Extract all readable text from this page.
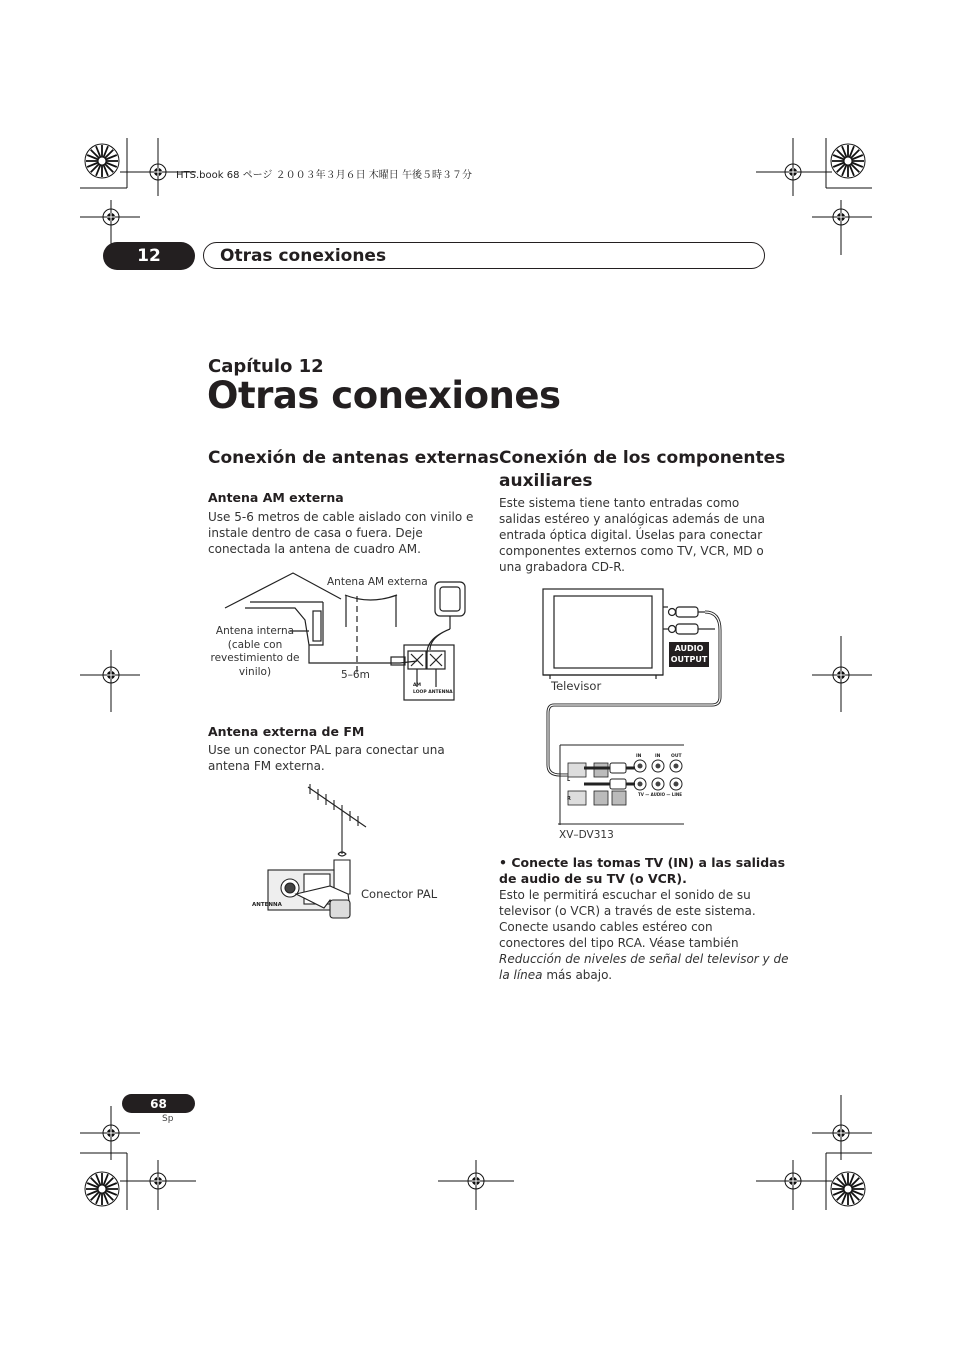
HTS.book 68 ページ ２００３年３月６日 木曜日 午後５時３７分
12	Otras conexiones
Capítulo 12
Otras conexiones
Conexión de antenas externas
Antena AM externa
Use 5-6 metros de cable aislado con vinilo e
instale dentro de casa o fuera. Deje
conectada la antena de cuadro AM.
AM
LOOP ANTENNA
Antena AM externa
Antena interna
(cable con
revestimiento de
vinilo)	5–6m
Antena externa de FM
Use un conector PAL para conectar una
antena FM externa.
ANTENNA
Conector PAL
Conexión de los componentes
auxiliares
Este sistema tiene tanto entradas como
salidas estéreo y analógicas además de una
entrada óptica digital. Úselas para conectar
componentes externos como TV, VCR, MD o
una grabadora CD-R.
IN	IN OUT
TV — AUDIO — LINE
L
R
AUDIO
OUTPUT
Televisor
XV–DV313
• Conecte las tomas TV (IN) a las salidas
de audio de su TV (o VCR).
Esto le permitirá escuchar el sonido de su
televisor (o VCR) a través de este sistema.
Conecte usando cables estéreo con
conectores del tipo RCA. Véase también
Reducción de niveles de señal del televisor y de
la línea más abajo.
68
Sp
